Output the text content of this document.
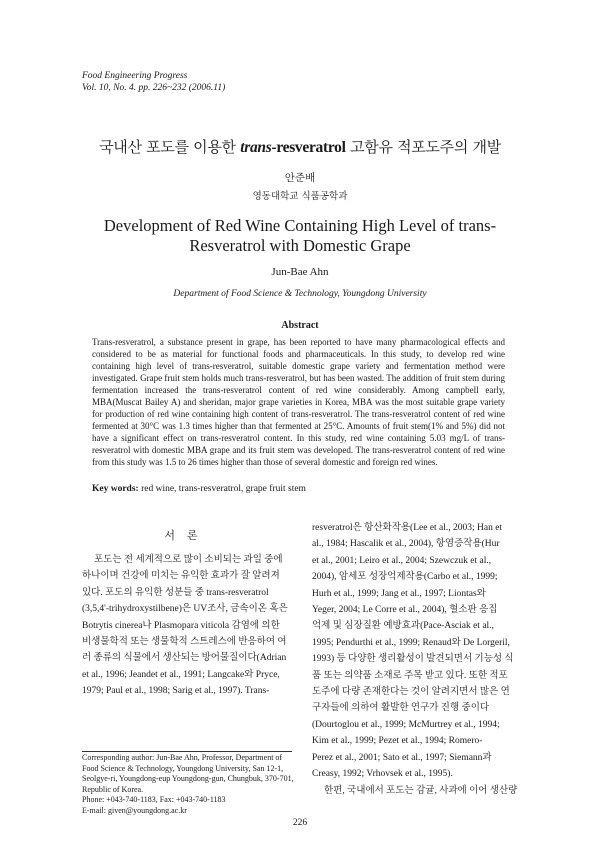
Food Engineering Progress
Vol. 10, No. 4. pp. 226~232 (2006.11)
국내산 포도를 이용한 trans-resveratrol 고함유 적포도주의 개발
안준배
영동대학교 식품공학과
Development of Red Wine Containing High Level of trans-
Resveratrol with Domestic Grape
Jun-Bae Ahn
Department of Food Science & Technology, Youngdong University
Abstract
Trans-resveratrol, a substance present in grape, has been reported to have many pharmacological effects and considered to be as material for functional foods and pharmaceuticals. In this study, to develop red wine containing high level of trans-resveratrol, suitable domestic grape variety and fermentation method were investigated. Grape fruit stem holds much trans-resveratrol, but has been wasted. The addition of fruit stem during fermentation increased the trans-resveratrol content of red wine considerably. Among campbell early, MBA(Muscat Bailey A) and sheridan, major grape varieties in Korea, MBA was the most suitable grape variety for production of red wine containing high content of trans-resveratrol. The trans-resveratrol content of red wine fermented at 30°C was 1.3 times higher than that fermented at 25°C. Amounts of fruit stem(1% and 5%) did not have a significant effect on trans-resveratrol content. In this study, red wine containing 5.03 mg/L of trans-resveratrol with domestic MBA grape and its fruit stem was developed. The trans-resveratrol content of red wine from this study was 1.5 to 26 times higher than those of several domestic and foreign red wines.
Key words: red wine, trans-resveratrol, grape fruit stem
서론
포도는 전 세계적으로 많이 소비되는 과일 중에
하나이며 건강에 미치는 유익한 효과가 잘 알려져
있다. 포도의 유익한 성분들 중 trans-resveratrol
(3,5,4'-trihydroxystilbene)은 UV조사, 금속이온 혹은
Botrytis cinerea나 Plasmopara viticola 감염에 의한
비생물학적 또는 생물학적 스트레스에 반응하여 여
러 종류의 식물에서 생산되는 방어물질이다(Adrian
et al., 1996; Jeandet et al., 1991; Langcake와 Pryce,
1979; Paul et al., 1998; Sarig et al., 1997). Trans-
Corresponding author: Jun-Bae Ahn, Professor, Department of
Food Science & Technology, Youngdong University, San 12-1,
Seolgye-ri, Youngdong-eup Youngdong-gun, Chungbuk, 370-701,
Republic of Korea.
Phone: +043-740-1183, Fax: +043-740-1183
E-mail: given@youngdong.ac.kr
resveratrol은 항산화작용(Lee et al., 2003; Han et
al., 1984; Hascalik et al., 2004), 항염증작용(Hur
et al., 2001; Leiro et al., 2004; Szewczuk et al.,
2004), 암세포 성장억제작용(Carbo et al., 1999;
Hurh et al., 1999; Jang et al., 1997; Liontas와
Yeger, 2004; Le Corre et al., 2004), 혈소판 응집
억제 및 심장질환 예방효과(Pace-Asciak et al.,
1995; Pendurthi et al., 1999; Renaud와 De Lorgeril,
1993) 등 다양한 생리활성이 발견되면서 기능성 식
품 또는 의약품 소재로 주목 받고 있다. 또한 적포
도주에 다량 존재한다는 것이 알려지면서 많은 연
구자들에 의하여 활발한 연구가 진행 중이다
(Dourtoglou et al., 1999; McMurtrey et al., 1994;
Kim et al., 1999; Pezet et al., 1994; Romero-
Perez et al., 2001; Sato et al., 1997; Siemann과
Creasy, 1992; Vrhovsek et al., 1995).
한편, 국내에서 포도는 감귤, 사과에 이어 생산량
226
